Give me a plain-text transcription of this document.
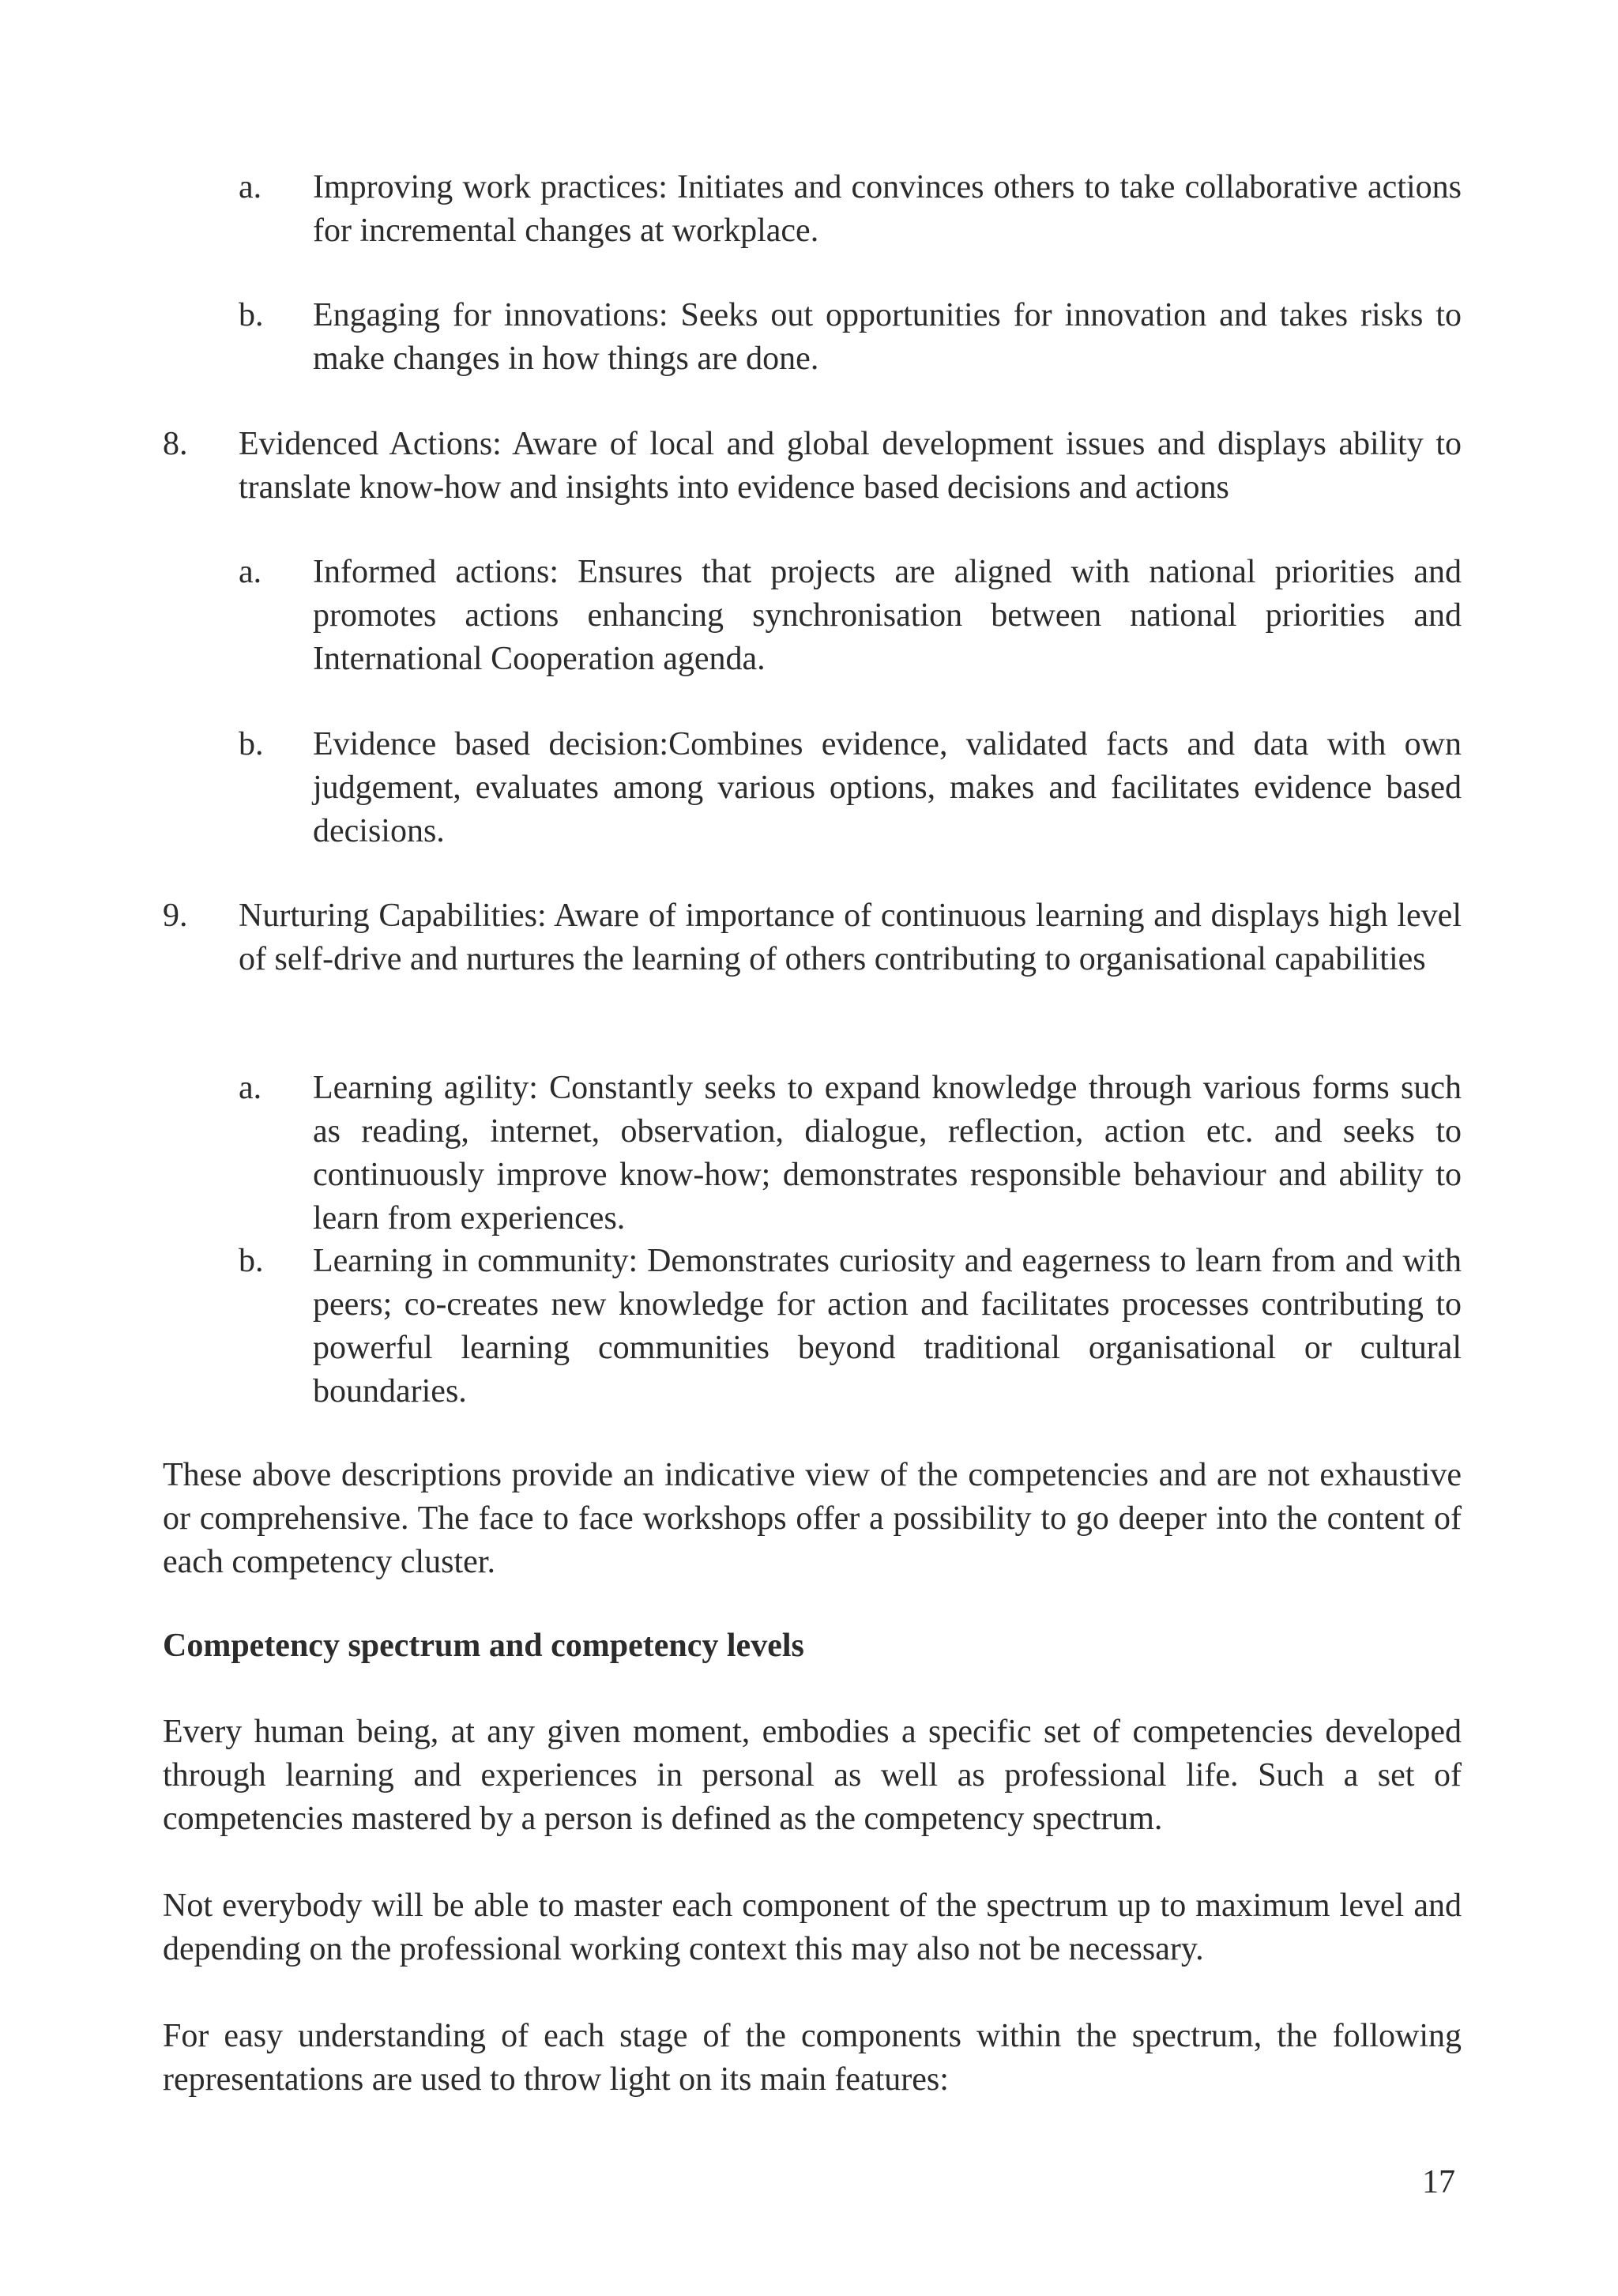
a.	Improving work practices: Initiates and convinces others to take collaborative actions for incremental changes at workplace.
b.	Engaging for innovations: Seeks out opportunities for innovation and takes risks to make changes in how things are done.
8.	Evidenced Actions: Aware of local and global development issues and displays ability to translate know-how and insights into evidence based decisions and actions
a.	Informed actions: Ensures that projects are aligned with national priorities and promotes actions enhancing synchronisation between national priorities and International Cooperation agenda.
b.	Evidence based decision:Combines evidence, validated facts and data with own judgement, evaluates among various options, makes and facilitates evidence based decisions.
9.	Nurturing Capabilities: Aware of importance of continuous learning and displays high level of self-drive and nurtures the learning of others contributing to organisational capabilities
a.	Learning agility: Constantly seeks to expand knowledge through various forms such as reading, internet, observation, dialogue, reflection, action etc. and seeks to continuously improve know-how; demonstrates responsible behaviour and ability to learn from experiences.
b.	Learning in community: Demonstrates curiosity and eagerness to learn from and with peers; co-creates new knowledge for action and facilitates processes contributing to powerful learning communities beyond traditional organisational or cultural boundaries.

These above descriptions provide an indicative view of the competencies and are not exhaustive or comprehensive. The face to face workshops offer a possibility to go deeper into the content of each competency cluster.

Competency spectrum and competency levels

Every human being, at any given moment, embodies a specific set of competencies developed through learning and experiences in personal as well as professional life. Such a set of competencies mastered by a person is defined as the competency spectrum.

Not everybody will be able to master each component of the spectrum up to maximum level and depending on the professional working context this may also not be necessary.

For easy understanding of each stage of the components within the spectrum, the following representations are used to throw light on its main features:

17
